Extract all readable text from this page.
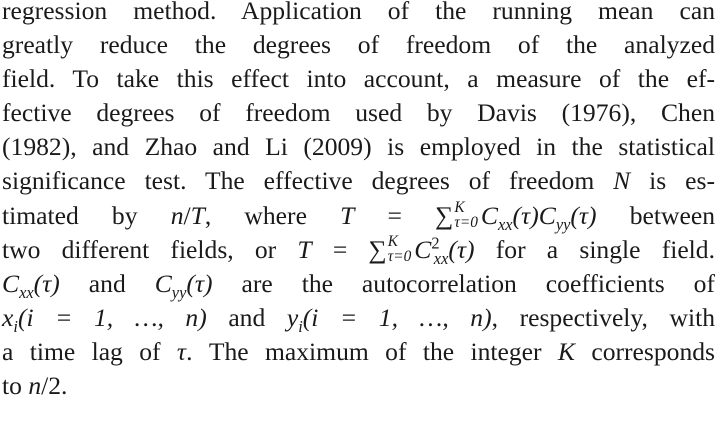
regression method. Application of the running mean can
greatly reduce the degrees of freedom of the analyzed
field. To take this effect into account, a measure of the ef-
fective degrees of freedom used by Davis (1976), Chen
(1982), and Zhao and Li (2009) is employed in the statistical
significance test. The effective degrees of freedom N is es-
timated by n/T, where T = ∑ K
τ=0 $C_{xx}(\tau)C_{yy}(\tau)$ between
two different fields, or T = ∑ K
τ=0 $C^2_{xx}(\tau)$ for a single field.
$C_{xx}(\tau)$ and $C_{yy}(\tau)$ are the autocorrelation coefficients of
$x_i(i = 1$, …, n) and $y_i(i = 1$, …, n), respectively, with
a time lag of τ. The maximum of the integer K corresponds
to n/2.
